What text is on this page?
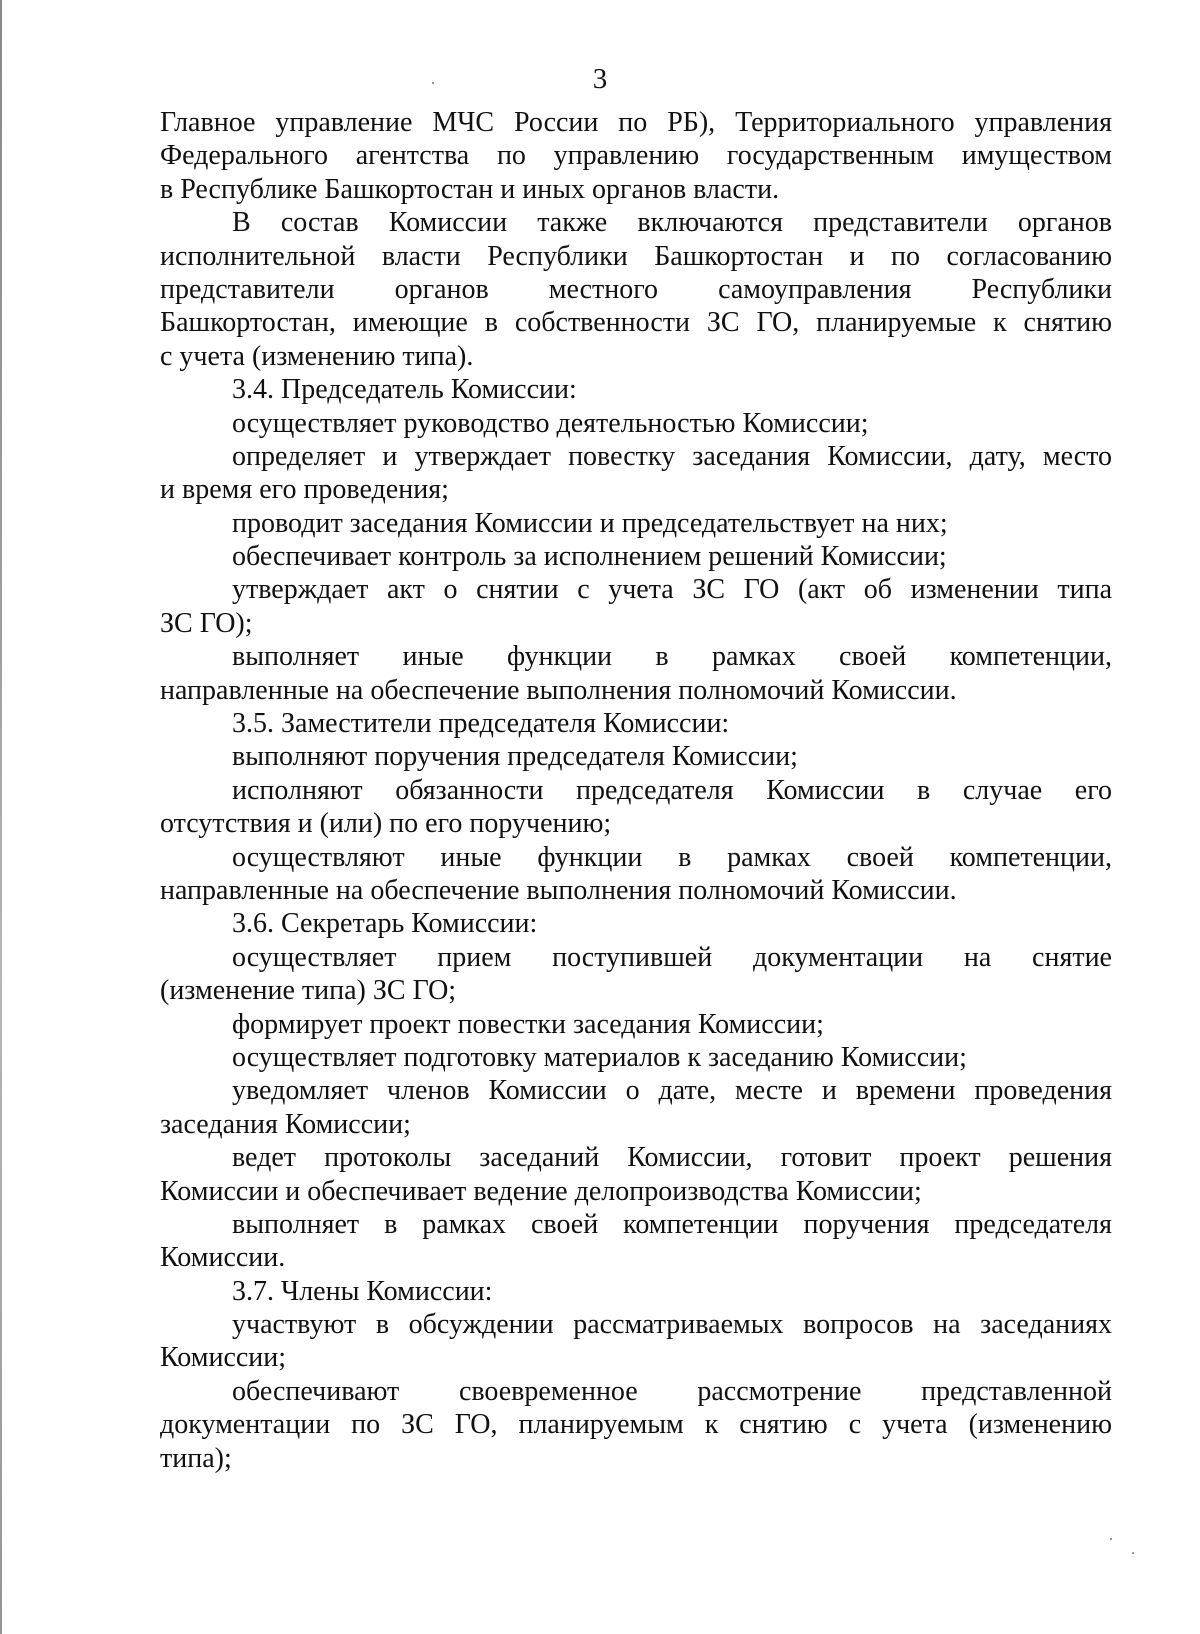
3
Главное управление МЧС России по РБ), Территориального управления
Федерального агентства по управлению государственным имуществом
в Республике Башкортостан и иных органов власти.
В состав Комиссии также включаются представители органов
исполнительной власти Республики Башкортостан и по согласованию
представители органов местного самоуправления Республики
Башкортостан, имеющие в собственности ЗС ГО, планируемые к снятию
с учета (изменению типа).
3.4. Председатель Комиссии:
осуществляет руководство деятельностью Комиссии;
определяет и утверждает повестку заседания Комиссии, дату, место
и время его проведения;
проводит заседания Комиссии и председательствует на них;
обеспечивает контроль за исполнением решений Комиссии;
утверждает акт о снятии с учета ЗС ГО (акт об изменении типа
ЗС ГО);
выполняет иные функции в рамках своей компетенции,
направленные на обеспечение выполнения полномочий Комиссии.
3.5. Заместители председателя Комиссии:
выполняют поручения председателя Комиссии;
исполняют обязанности председателя Комиссии в случае его
отсутствия и (или) по его поручению;
осуществляют иные функции в рамках своей компетенции,
направленные на обеспечение выполнения полномочий Комиссии.
3.6. Секретарь Комиссии:
осуществляет прием поступившей документации на снятие
(изменение типа) ЗС ГО;
формирует проект повестки заседания Комиссии;
осуществляет подготовку материалов к заседанию Комиссии;
уведомляет членов Комиссии о дате, месте и времени проведения
заседания Комиссии;
ведет протоколы заседаний Комиссии, готовит проект решения
Комиссии и обеспечивает ведение делопроизводства Комиссии;
выполняет в рамках своей компетенции поручения председателя
Комиссии.
3.7. Члены Комиссии:
участвуют в обсуждении рассматриваемых вопросов на заседаниях
Комиссии;
обеспечивают своевременное рассмотрение представленной
документации по ЗС ГО, планируемым к снятию с учета (изменению
типа);
